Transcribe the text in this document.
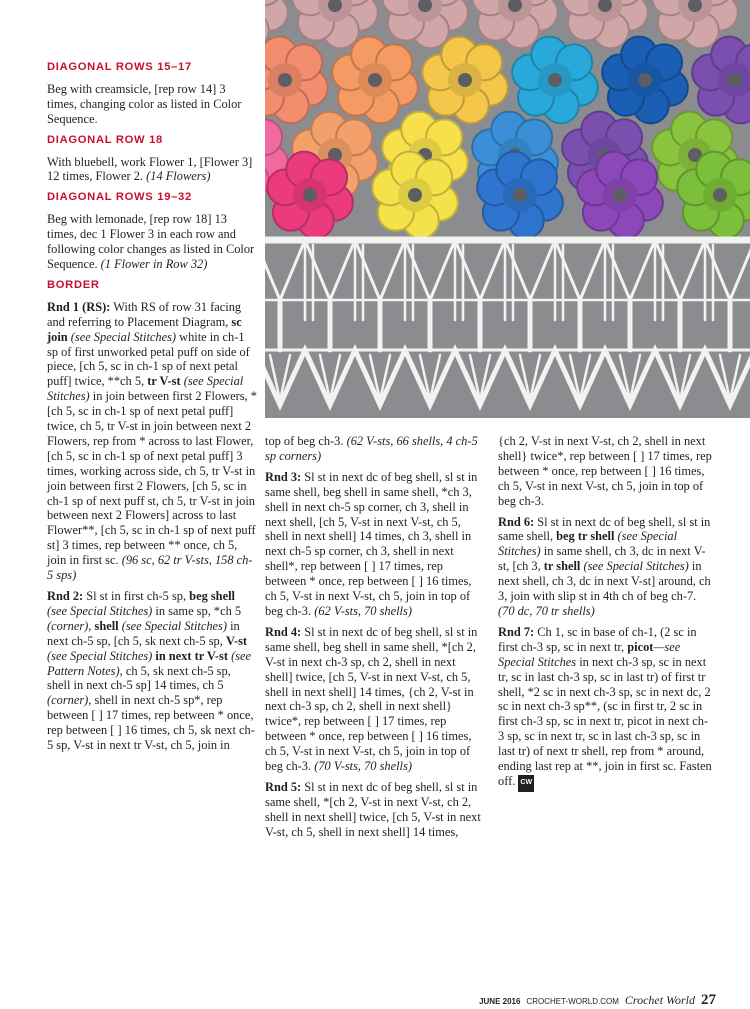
DIAGONAL ROWS 15–17

Beg with creamsicle, [rep row 14] 3 times, changing color as listed in Color Sequence.

DIAGONAL ROW 18

With bluebell, work Flower 1, [Flower 3] 12 times, Flower 2. (14 Flowers)

DIAGONAL ROWS 19–32

Beg with lemonade, [rep row 18] 13 times, dec 1 Flower 3 in each row and following color changes as listed in Color Sequence. (1 Flower in Row 32)

BORDER

Rnd 1 (RS): With RS of row 31 facing and referring to Placement Diagram, sc join (see Special Stitches) white in ch-1 sp of first unworked petal puff on side of piece, [ch 5, sc in ch-1 sp of next petal puff] twice, **ch 5, tr V-st (see Special Stitches) in join between first 2 Flowers, *[ch 5, sc in ch-1 sp of next petal puff] twice, ch 5, tr V-st in join between next 2 Flowers, rep from * across to last Flower, [ch 5, sc in ch-1 sp of next petal puff] 3 times, working across side, ch 5, tr V-st in join between first 2 Flowers, [ch 5, sc in ch-1 sp of next puff st, ch 5, tr V-st in join between next 2 Flowers] across to last Flower**, [ch 5, sc in ch-1 sp of next puff st] 3 times, rep between ** once, ch 5, join in first sc. (96 sc, 62 tr V-sts, 158 ch-5 sps)

Rnd 2: Sl st in first ch-5 sp, beg shell (see Special Stitches) in same sp, *ch 5 (corner), shell (see Special Stitches) in next ch-5 sp, [ch 5, sk next ch-5 sp, V-st (see Special Stitches) in next tr V-st (see Pattern Notes), ch 5, sk next ch-5 sp, shell in next ch-5 sp] 14 times, ch 5 (corner), shell in next ch-5 sp*, rep between [ ] 17 times, rep between * once, rep between [ ] 16 times, ch 5, sk next ch-5 sp, V-st in next tr V-st, ch 5, join in

top of beg ch-3. (62 V-sts, 66 shells, 4 ch-5 sp corners)

Rnd 3: Sl st in next dc of beg shell, sl st in same shell, beg shell in same shell, *ch 3, shell in next ch-5 sp corner, ch 3, shell in next shell, [ch 5, V-st in next V-st, ch 5, shell in next shell] 14 times, ch 3, shell in next ch-5 sp corner, ch 3, shell in next shell*, rep between [ ] 17 times, rep between * once, rep between [ ] 16 times, ch 5, V-st in next V-st, ch 5, join in top of beg ch-3. (62 V-sts, 70 shells)

Rnd 4: Sl st in next dc of beg shell, sl st in same shell, beg shell in same shell, *[ch 2, V-st in next ch-3 sp, ch 2, shell in next shell] twice, [ch 5, V-st in next V-st, ch 5, shell in next shell] 14 times, {ch 2, V-st in next ch-3 sp, ch 2, shell in next shell} twice*, rep between [ ] 17 times, rep between * once, rep between [ ] 16 times, ch 5, V-st in next V-st, ch 5, join in top of beg ch-3. (70 V-sts, 70 shells)

Rnd 5: Sl st in next dc of beg shell, sl st in same shell, *[ch 2, V-st in next V-st, ch 2, shell in next shell] twice, [ch 5, V-st in next V-st, ch 5, shell in next shell] 14 times,

{ch 2, V-st in next V-st, ch 2, shell in next shell} twice*, rep between [ ] 17 times, rep between * once, rep between [ ] 16 times, ch 5, V-st in next V-st, ch 5, join in top of beg ch-3.

Rnd 6: Sl st in next dc of beg shell, sl st in same shell, beg tr shell (see Special Stitches) in same shell, ch 3, dc in next V-st, [ch 3, tr shell (see Special Stitches) in next shell, ch 3, dc in next V-st] around, ch 3, join with slip st in 4th ch of beg ch-7. (70 dc, 70 tr shells)

Rnd 7: Ch 1, sc in base of ch-1, (2 sc in first ch-3 sp, sc in next tr, picot—see Special Stitches in next ch-3 sp, sc in next tr, sc in last ch-3 sp, sc in last tr) of first tr shell, *2 sc in next ch-3 sp, sc in next dc, 2 sc in next ch-3 sp**, (sc in first tr, 2 sc in first ch-3 sp, sc in next tr, picot in next ch-3 sp, sc in next tr, sc in last ch-3 sp, sc in last tr) of next tr shell, rep from * around, ending last rep at **, join in first sc. Fasten off. CW

JUNE 2016 CROCHET-WORLD.COM Crochet World 27
